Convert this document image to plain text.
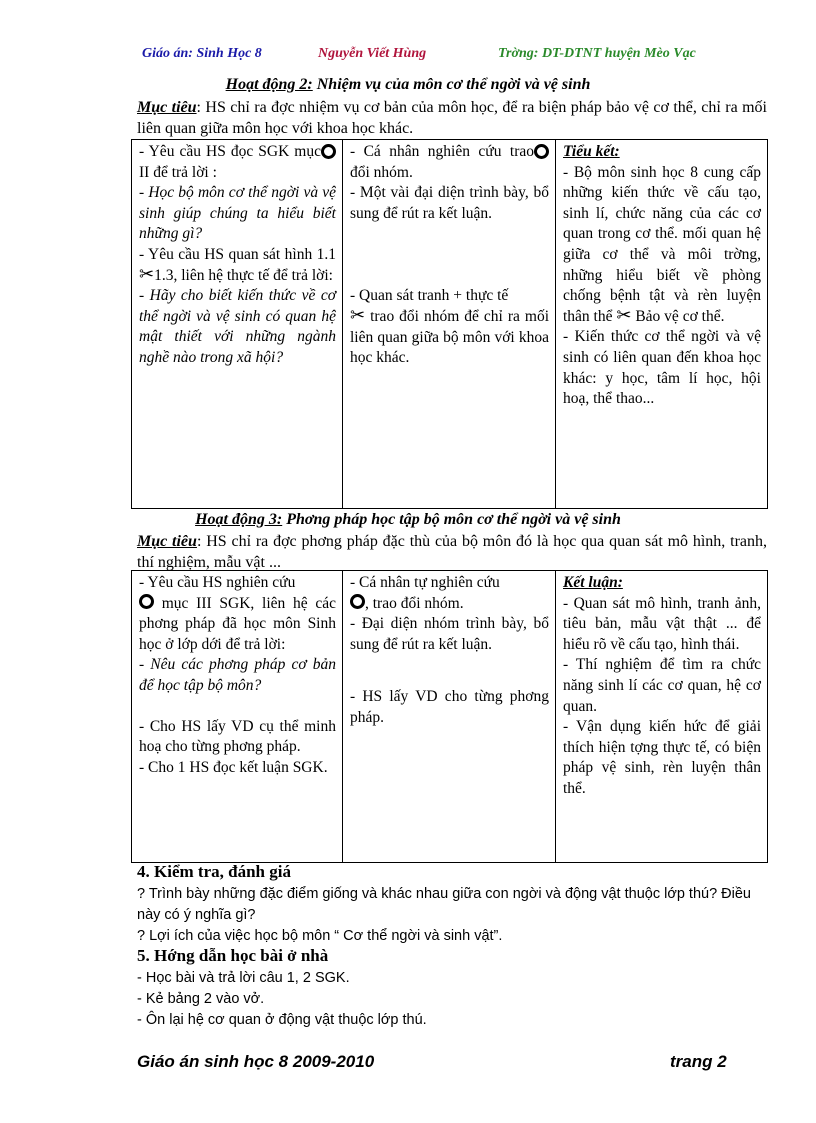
Giáo án: Sinh Học 8	Nguyễn Viết Hùng	Trờng: DT-DTNT huyện Mèo Vạc
Hoạt động 2: Nhiệm vụ của môn cơ thể ngời và vệ sinh
Mục tiêu: HS chỉ ra đợc nhiệm vụ cơ bản của môn học, để ra biện pháp bảo vệ cơ thể, chỉ ra mối liên quan giữa môn học với khoa học khác.
- Yêu cầu HS đọc SGK mục II để trả lời :
- Học bộ môn cơ thể ngời và vệ sinh giúp chúng ta hiểu biết những gì?
- Yêu cầu HS quan sát hình 1.1 ✂1.3, liên hệ thực tế để trả lời:
- Hãy cho biết kiến thức về cơ thể ngời và vệ sinh có quan hệ mật thiết với những ngành nghề nào trong xã hội?

- Cá nhân nghiên cứu trao đổi nhóm.
- Một vài đại diện trình bày, bổ sung để rút ra kết luận.
- Quan sát tranh + thực tế
✂ trao đổi nhóm để chỉ ra mối liên quan giữa bộ môn với khoa học khác.

Tiểu kết:
- Bộ môn sinh học 8 cung cấp những kiến thức về cấu tạo, sinh lí, chức năng của các cơ quan trong cơ thể. mối quan hệ giữa cơ thể và môi trờng, những hiểu biết về phòng chống bệnh tật và rèn luyện thân thể ✂ Bảo vệ cơ thể.
- Kiến thức cơ thể ngời và vệ sinh có liên quan đến khoa học khác: y học, tâm lí học, hội hoạ, thể thao...
Hoạt động 3: Phơng pháp học tập bộ môn cơ thể ngời và vệ sinh
Mục tiêu: HS chỉ ra đợc phơng pháp đặc thù của bộ môn đó là học qua quan sát mô hình, tranh, thí nghiệm, mẫu vật ...
- Yêu cầu HS nghiên cứu
mục III SGK, liên hệ các phơng pháp đã học môn Sinh học ở lớp dới để trả lời:
- Nêu các phơng pháp cơ bản để học tập bộ môn?
- Cho HS lấy VD cụ thể minh hoạ cho từng phơng pháp.
- Cho 1 HS đọc kết luận SGK.

- Cá nhân tự nghiên cứu
, trao đổi nhóm.
- Đại diện nhóm trình bày, bổ sung để rút ra kết luận.
- HS lấy VD cho từng phơng pháp.

Kết luận:
- Quan sát mô hình, tranh ảnh, tiêu bản, mẫu vật thật ... để hiểu rõ về cấu tạo, hình thái.
- Thí nghiệm để tìm ra chức năng sinh lí các cơ quan, hệ cơ quan.
- Vận dụng kiến hức để giải thích hiện tợng thực tế, có biện pháp vệ sinh, rèn luyện thân thể.
4. Kiểm tra, đánh giá
? Trình bày những đặc điểm giống và khác nhau giữa con ngời và động vật thuộc lớp thú? Điều này có ý nghĩa gì?
? Lợi ích của việc học bộ môn “ Cơ thể ngời và sinh vật”.
5. Hớng dẫn học bài ở nhà
- Học bài và trả lời câu 1, 2 SGK.
- Kẻ bảng 2 vào vở.
- Ôn lại hệ cơ quan ở động vật thuộc lớp thú.
Giáo án sinh học 8 2009-2010	trang 2
